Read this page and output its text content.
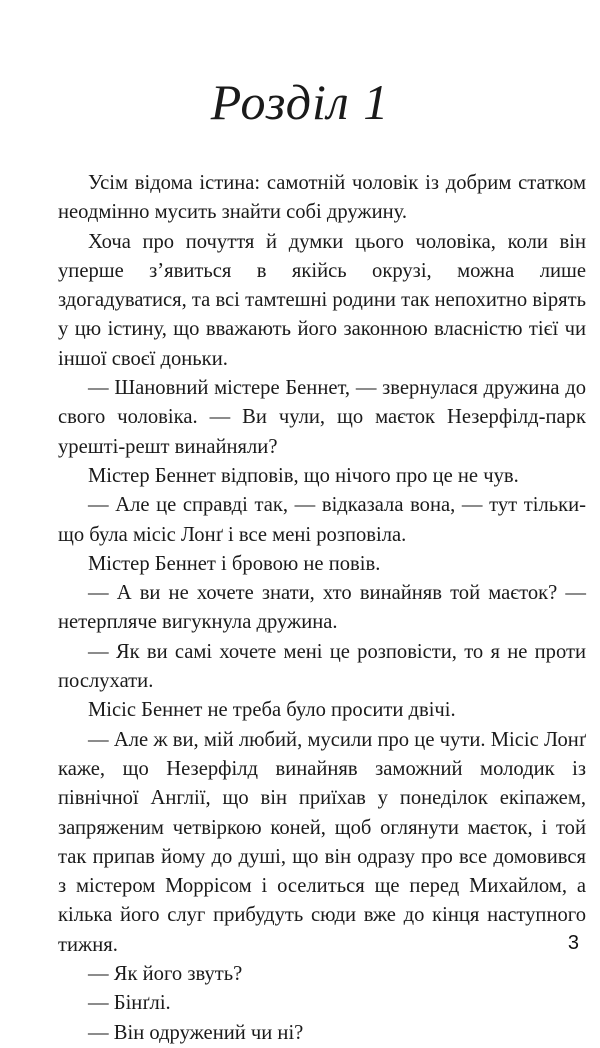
Розділ 1

Усім відома істина: самотній чоловік із добрим статком неодмінно мусить знайти собі дружину.

Хоча про почуття й думки цього чоловіка, коли він уперше з’явиться в якійсь окрузі, можна лише здогадуватися, та всі тамтешні родини так непохитно вірять у цю істину, що вважають його законною власністю тієї чи іншої своєї доньки.

— Шановний містере Беннет, — звернулася дружина до свого чоловіка. — Ви чули, що маєток Незерфілд-парк урешті-решт винайняли?

Містер Беннет відповів, що нічого про це не чув.

— Але це справді так, — відказала вона, — тут тільки-що була місіс Лонґ і все мені розповіла.

Містер Беннет і бровою не повів.

— А ви не хочете знати, хто винайняв той маєток? — нетерпляче вигукнула дружина.

— Як ви самі хочете мені це розповісти, то я не проти послухати.

Місіс Беннет не треба було просити двічі.

— Але ж ви, мій любий, мусили про це чути. Місіс Лонґ каже, що Незерфілд винайняв заможний молодик із північної Англії, що він приїхав у понеділок екіпажем, запряженим четвіркою коней, щоб оглянути маєток, і той так припав йому до душі, що він одразу про все домовився з містером Моррісом і оселиться ще перед Михайлом, а кілька його слуг прибудуть сюди вже до кінця наступного тижня.

— Як його звуть?

— Бінґлі.

— Він одружений чи ні?

3
